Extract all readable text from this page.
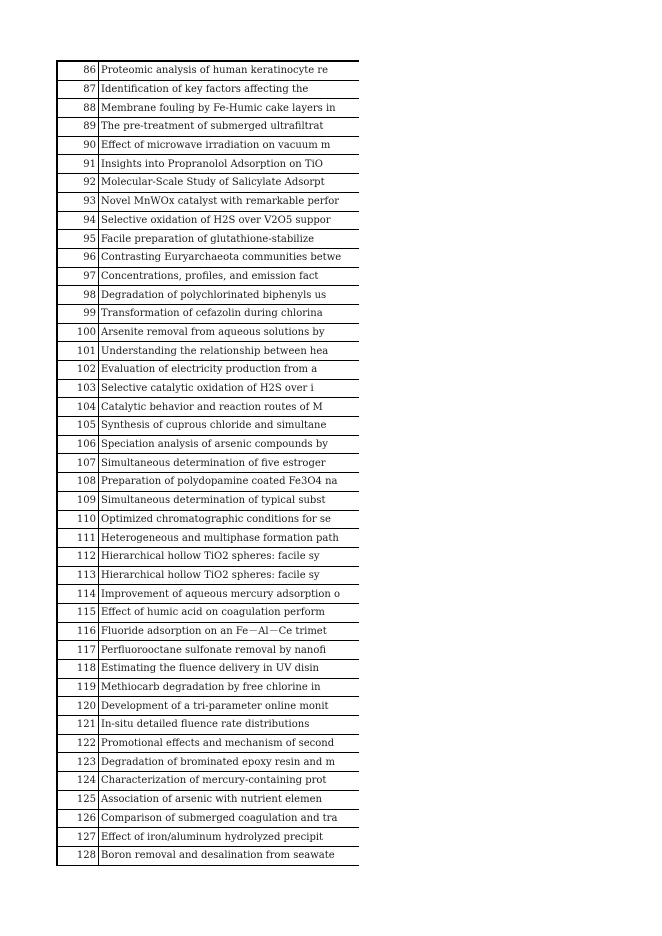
86	Proteomic analysis of human keratinocyte re
87	Identification of key factors affecting the
88	Membrane fouling by Fe-Humic cake layers in
89	The pre-treatment of submerged ultrafiltrat
90	Effect of microwave irradiation on vacuum m
91	Insights into Propranolol Adsorption on TiO
92	Molecular-Scale Study of Salicylate Adsorpt
93	Novel MnWOx catalyst with remarkable perfor
94	Selective oxidation of H2S over V2O5 suppor
95	Facile preparation of glutathione-stabilize
96	Contrasting Euryarchaeota communities betwe
97	Concentrations, profiles, and emission fact
98	Degradation of polychlorinated biphenyls us
99	Transformation of cefazolin during chlorina
100	Arsenite removal from aqueous solutions by
101	Understanding the relationship between hea
102	Evaluation of electricity production from a
103	Selective catalytic oxidation of H2S over i
104	Catalytic behavior and reaction routes of M
105	Synthesis of cuprous chloride and simultane
106	Speciation analysis of arsenic compounds by
107	Simultaneous determination of five estroger
108	Preparation of polydopamine coated Fe3O4 na
109	Simultaneous determination of typical subst
110	Optimized chromatographic conditions for se
111	Heterogeneous and multiphase formation path
112	Hierarchical hollow TiO2 spheres: facile sy
113	Hierarchical hollow TiO2 spheres: facile sy
114	Improvement of aqueous mercury adsorption o
115	Effect of humic acid on coagulation perform
116	Fluoride adsorption on an Fe－Al－Ce trimet
117	Perfluorooctane sulfonate removal by nanofi
118	Estimating the fluence delivery in UV disin
119	Methiocarb degradation by free chlorine in
120	Development of a tri-parameter online monit
121	In-situ detailed fluence rate distributions
122	Promotional effects and mechanism of second
123	Degradation of brominated epoxy resin and m
124	Characterization of mercury-containing prot
125	Association of arsenic with nutrient elemen
126	Comparison of submerged coagulation and tra
127	Effect of iron/aluminum hydrolyzed precipit
128	Boron removal and desalination from seawate
